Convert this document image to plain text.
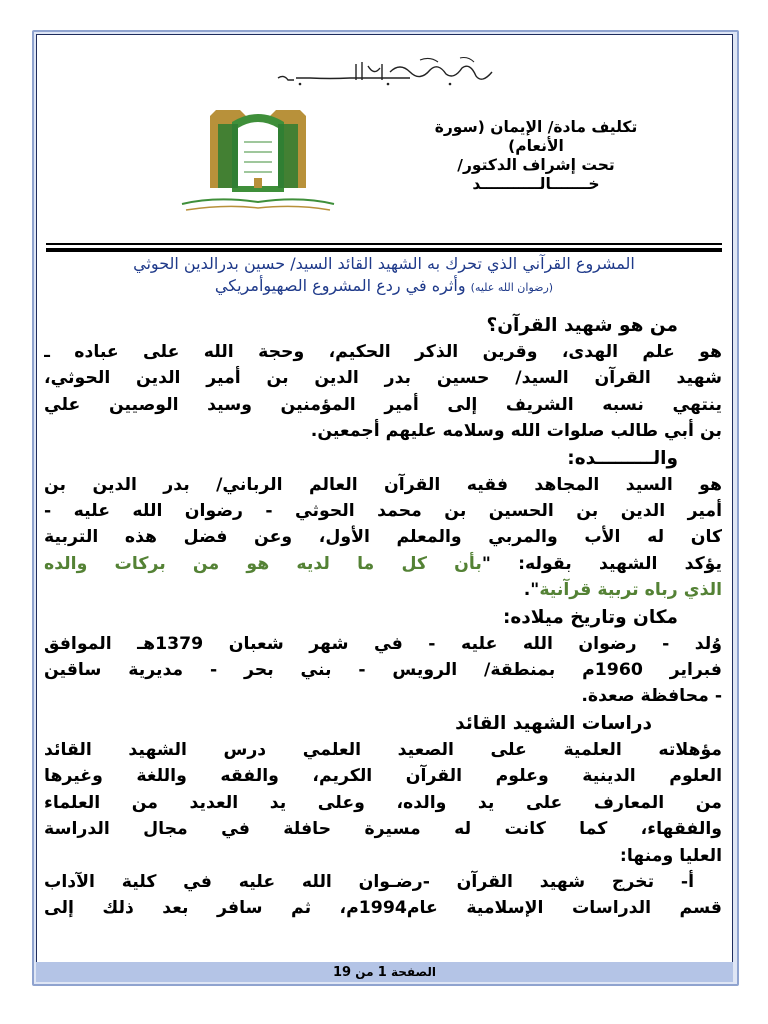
تكليف مادة/ الإيمان (سورة
الأنعام)
تحت إشراف الدكتور/
خـــــــالـــــــــــد
المشروع القرآني الذي تحرك به الشهيد القائد السيد/ حسين بدرالدين الحوثي
(رضوان الله عليه) وأثره في ردع المشروع الصهيوأمريكي
من هو شهيد القرآن؟
هو علم الهدى، وقرين الذكر الحكيم، وحجة الله على عباده ـ
شهيد القرآن السيد/ حسين بدر الدين بن أمير الدين الحوثي،
ينتهي نسبه الشريف إلى أمير المؤمنين وسيد الوصيين علي
بن أبي طالب صلوات الله وسلامه عليهم أجمعين.
والـــــــــده:
هو السيد المجاهد فقيه القرآن العالم الرباني/ بدر الدين بن
أمير الدين بن الحسين بن محمد الحوثي - رضوان الله عليه -
كان له الأب والمربي والمعلم الأول، وعن فضل هذه التربية
يؤكد الشهيد بقوله: "بأن كل ما لديه هو من بركات والده
الذي رباه تربية قرآنية".
مكان وتاريخ ميلاده:
وُلد - رضوان الله عليه - في شهر شعبان 1379هـ الموافق
فبراير 1960م بمنطقة/ الرويس - بني بحر - مديرية ساقين
- محافظة صعدة.
دراسات الشهيد القائد
مؤهلاته العلمية على الصعيد العلمي درس الشهيد القائد
العلوم الدينية وعلوم القرآن الكريم، والفقه واللغة وغيرها
من المعارف على يد والده، وعلى يد العديد من العلماء
والفقهاء، كما كانت له مسيرة حافلة في مجال الدراسة
العليا ومنها:
أ- تخرج شهيد القرآن -رضـوان الله عليه في كلية الآداب
قسم الدراسات الإسلامية عام1994م، ثم سافر بعد ذلك إلى
الصفحة 1 من 19
